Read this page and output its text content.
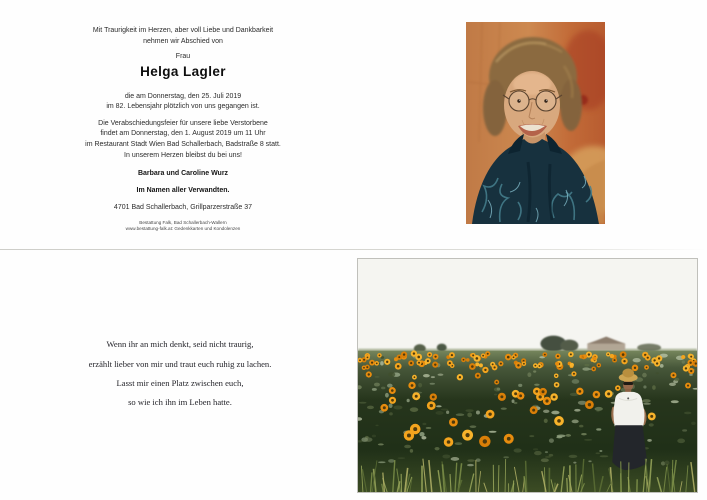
Mit Traurigkeit im Herzen, aber voll Liebe und Dankbarkeit
nehmen wir Abschied von
Frau
Helga Lagler
die am Donnerstag, den 25. Juli 2019
im 82. Lebensjahr plötzlich von uns gegangen ist.
Die Verabschiedungsfeier für unsere liebe Verstorbene
findet am Donnerstag, den 1. August 2019 um 11 Uhr
im Restaurant Stadt Wien Bad Schallerbach, Badstraße 8 statt.
In unserem Herzen bleibst du bei uns!
Barbara und Caroline Wurz
Im Namen aller Verwandten.
4701 Bad Schallerbach, Grillparzerstraße 37
Bestattung Falk, Bad Schallerbach-Wallern
www.bestattung-falk.at: Gedenkkarten und Kondolenzen
Wenn ihr an mich denkt, seid nicht traurig,
erzählt lieber von mir und traut euch ruhig zu lachen.
Lasst mir einen Platz zwischen euch,
so wie ich ihn im Leben hatte.
